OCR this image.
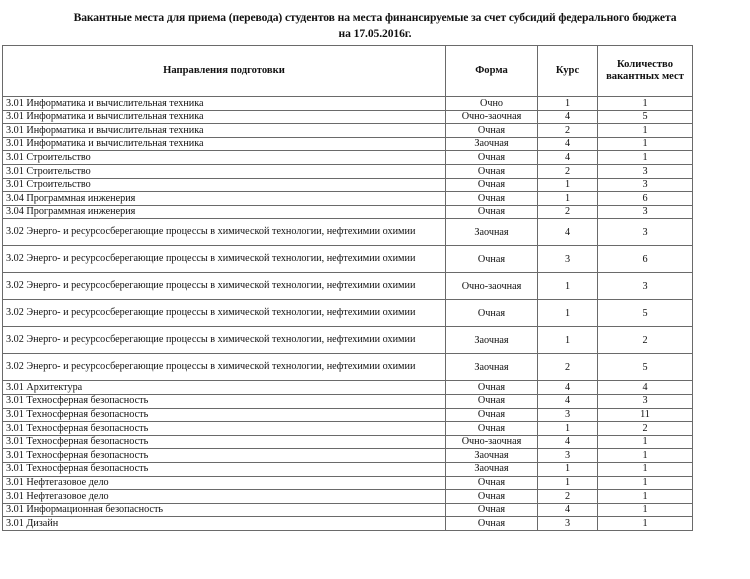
Вакантные места для приема (перевода) студентов на места финансируемые за счет субсидий федерального бюджета
на 17.05.2016г.
Направления подготовки	Форма	Курс	Количество вакантных мест
3.01 Информатика и вычислительная техника	Очно	1	1
3.01 Информатика и вычислительная техника	Очно-заочная	4	5
3.01 Информатика и вычислительная техника	Очная	2	1
3.01 Информатика и вычислительная техника	Заочная	4	1
3.01 Строительство	Очная	4	1
3.01 Строительство	Очная	2	3
3.01 Строительство	Очная	1	3
3.04 Программная инженерия	Очная	1	6
3.04 Программная инженерия	Очная	2	3
3.02 Энерго- и ресурсосберегающие процессы в химической технологии, нефтехимии охимии	Заочная	4	3
3.02 Энерго- и ресурсосберегающие процессы в химической технологии, нефтехимии охимии	Очная	3	6
3.02 Энерго- и ресурсосберегающие процессы в химической технологии, нефтехимии охимии	Очно-заочная	1	3
3.02 Энерго- и ресурсосберегающие процессы в химической технологии, нефтехимии охимии	Очная	1	5
3.02 Энерго- и ресурсосберегающие процессы в химической технологии, нефтехимии охимии	Заочная	1	2
3.02 Энерго- и ресурсосберегающие процессы в химической технологии, нефтехимии охимии	Заочная	2	5
3.01 Архитектура	Очная	4	4
3.01 Техносферная безопасность	Очная	4	3
3.01 Техносферная безопасность	Очная	3	11
3.01 Техносферная безопасность	Очная	1	2
3.01 Техносферная безопасность	Очно-заочная	4	1
3.01 Техносферная безопасность	Заочная	3	1
3.01 Техносферная безопасность	Заочная	1	1
3.01 Нефтегазовое дело	Очная	1	1
3.01 Нефтегазовое дело	Очная	2	1
3.01 Информационная безопасность	Очная	4	1
3.01 Дизайн	Очная	3	1
